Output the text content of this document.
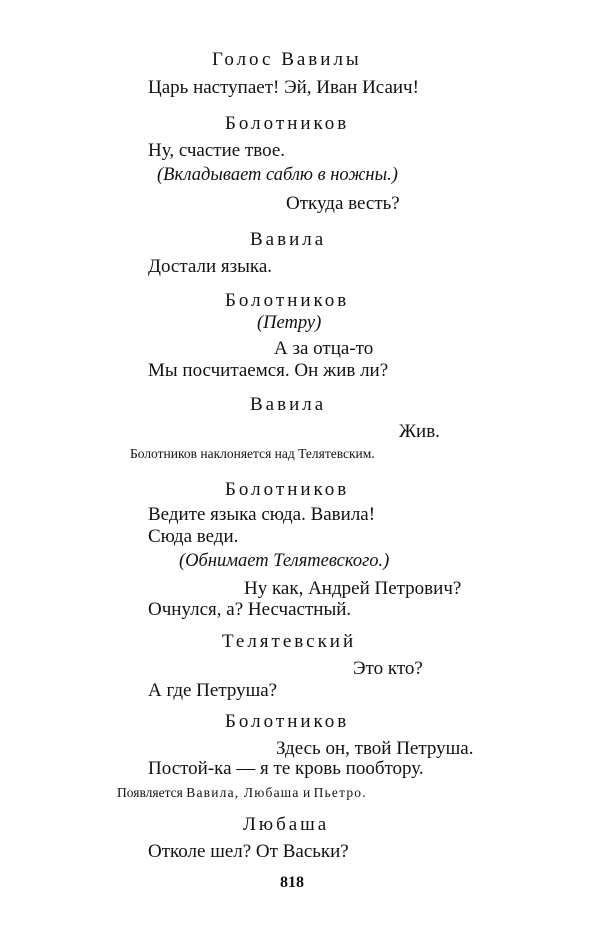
Голос Вавилы
Царь наступает! Эй, Иван Исаич!
Болотников
Ну, счастие твое.
(Вкладывает саблю в ножны.)
Откуда весть?
Вавила
Достали языка.
Болотников
(Петру)
А за отца-то
Мы посчитаемся. Он жив ли?
Вавила
Жив.
Болотников наклоняется над Телятевским.
Болотников
Ведите языка сюда. Вавила!
Сюда веди.
(Обнимает Телятевского.)
Ну как, Андрей Петрович?
Очнулся, а? Несчастный.
Телятевский
Это кто?
А где Петруша?
Болотников
Здесь он, твой Петруша.
Постой-ка — я те кровь пообтору.
Появляется Вавила, Любаша и Пьетро.
Любаша
Отколе шел? От Васьки?
818
